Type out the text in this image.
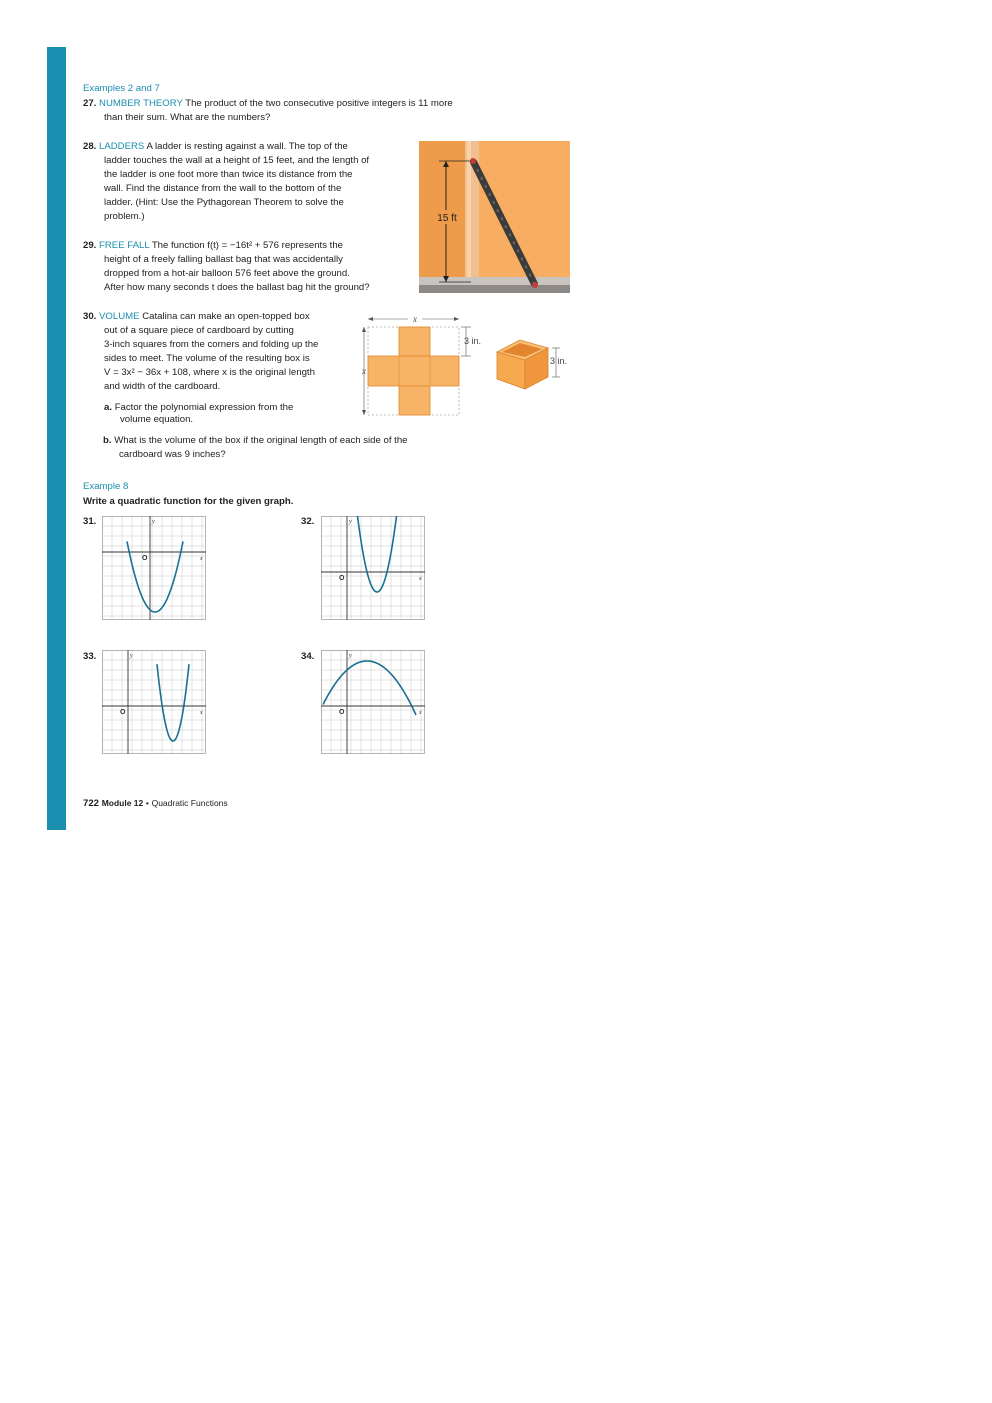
Examples 2 and 7
27. NUMBER THEORY The product of the two consecutive positive integers is 11 more
than their sum. What are the numbers?
28. LADDERS A ladder is resting against a wall. The top of the
ladder touches the wall at a height of 15 feet, and the length of
the ladder is one foot more than twice its distance from the
wall. Find the distance from the wall to the bottom of the
ladder. (Hint: Use the Pythagorean Theorem to solve the
problem.)	15 ft
29. FREE FALL The function f(t) = −16t² + 576 represents the
height of a freely falling ballast bag that was accidentally
dropped from a hot-air balloon 576 feet above the ground.
After how many seconds t does the ballast bag hit the ground?
30. VOLUME Catalina can make an open-topped box
out of a square piece of cardboard by cutting
3-inch squares from the corners and folding up the
sides to meet. The volume of the resulting box is
V = 3x² − 36x + 108, where x is the original length
and width of the cardboard.
a. Factor the polynomial expression from the
volume equation.
b. What is the volume of the box if the original length of each side of the
cardboard was 9 inches?
x
x
3 in.
3 in.
Example 8
Write a quadratic function for the given graph.
31.	32.
33.	34.
x
y
O
x
y
O
x
y
O	x
y
O
722 Module 12 • Quadratic Functions
